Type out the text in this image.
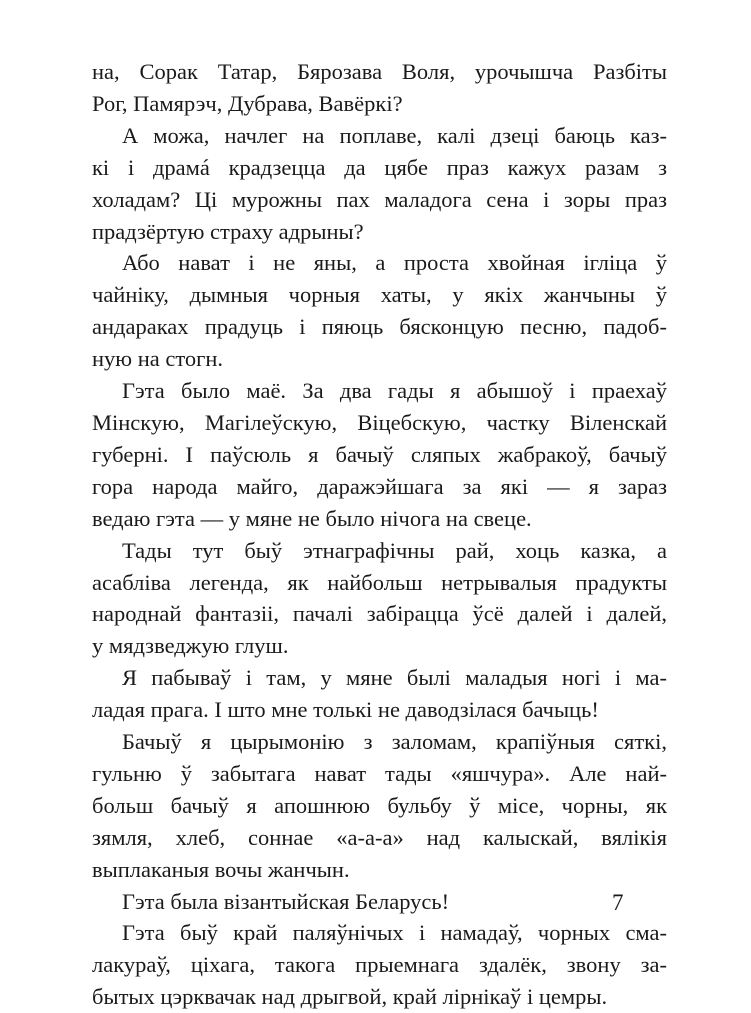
на, Сорак Татар, Бярозава Воля, урочышча Разбіты
Рог, Памярэч, Дубрава, Вавёркі?
А можа, начлег на поплаве, калі дзеці баюць каз-
кі і дрaмá крадзецца да цябе праз кажух разам з
холадам? Ці мурожны пах маладога сена і зоры праз
прадзёртую страху адрыны?
Або нават і не яны, а проста хвойная іглiца ў
чайніку, дымныя чорныя хаты, у якіх жанчыны ў
андараках прадуць і пяюць бясконцую песню, падоб-
ную на стогн.
Гэта было маё. За два гады я абышоў і праехаў
Мінскую, Магілеўскую, Віцебскую, частку Віленскай
губерні. І паўсюль я бачыў сляпых жабракоў, бачыў
гора народа майго, даражэйшага за які — я зараз
ведаю гэта — у мяне не было нічога на свеце.
Тады тут быў этнаграфічны рай, хоць казка, а
асабліва легенда, як найбольш нетрывалыя прадукты
народнай фантазіі, пачалі забірацца ўсё далей і далей,
у мядзведжую глуш.
Я пабываў і там, у мяне былі маладыя ногі і ма-
ладая прага. І што мне толькі не даводзілася бачыць!
Бачыў я цырымонію з заломам, крапіўныя сяткі,
гульню ў забытага нават тады «яшчура». Але най-
больш бачыў я апошнюю бульбу ў місе, чорны, як
зямля, хлеб, соннае «а-а-а» над калыскай, вялікія
выплаканыя вочы жанчын.
Гэта была візантыйская Беларусь!
Гэта быў край паляўнічых і намадаў, чорных сма-
лакураў, ціхага, такога прыемнага здалёк, звону за-
бытых цэрквачак над дрыгвой, край лірнікаў і цемры.
7
